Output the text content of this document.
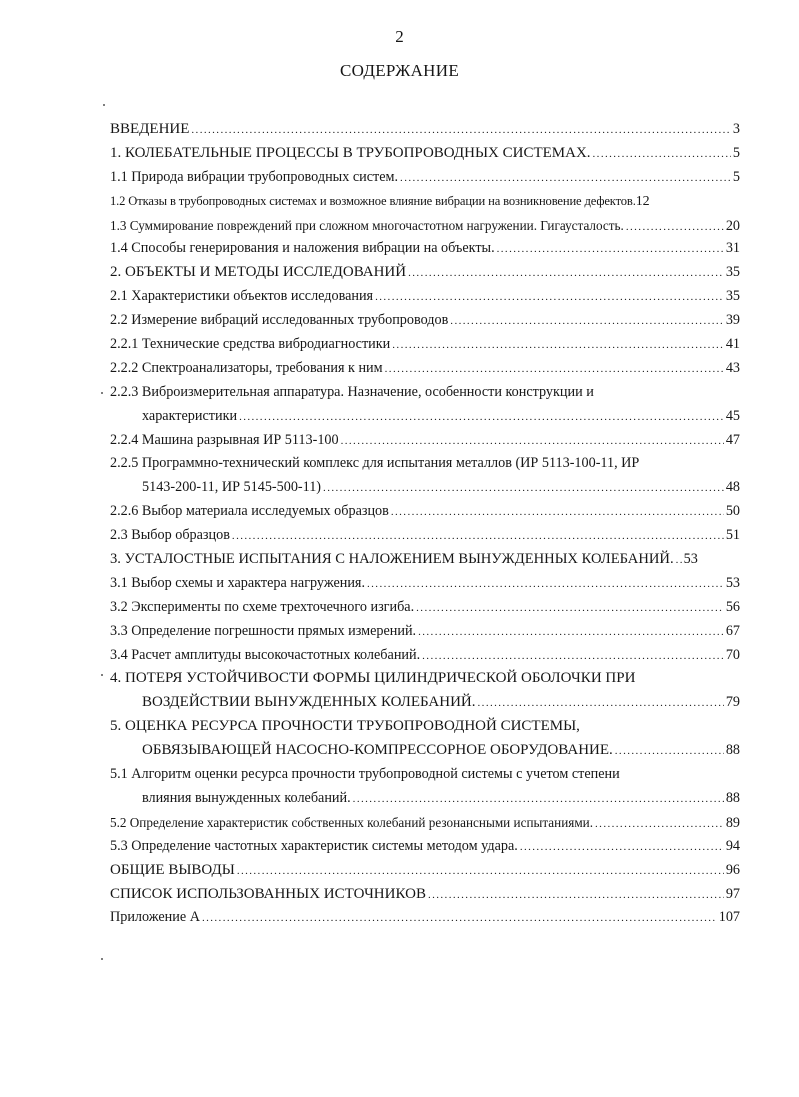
2
СОДЕРЖАНИЕ
ВВЕДЕНИЕ .....	3
1. КОЛЕБАТЕЛЬНЫЕ ПРОЦЕССЫ В ТРУБОПРОВОДНЫХ СИСТЕМАХ. .....	5
1.1 Природа вибрации трубопроводных систем. .....	5
1.2 Отказы в трубопроводных системах и возможное влияние вибрации на возникновение дефектов. 12
1.3 Суммирование повреждений при сложном многочастотном нагружении. Гигаусталость. .....	20
1.4 Способы генерирования и наложения вибрации на объекты. .....	31
2. ОБЪЕКТЫ И МЕТОДЫ ИССЛЕДОВАНИЙ .....	35
2.1 Характеристики объектов исследования .....	35
2.2 Измерение вибраций исследованных трубопроводов .....	39
2.2.1 Технические средства вибродиагностики .....	41
2.2.2 Спектроанализаторы, требования к ним .....	43
2.2.3 Виброизмерительная аппаратура. Назначение, особенности конструкции и
характеристики .....	45
2.2.4 Машина разрывная ИР 5113-100 .....	47
2.2.5 Программно-технический комплекс для испытания металлов (ИР 5113-100-11, ИР
5143-200-11, ИР 5145-500-11) .....	48
2.2.6 Выбор материала исследуемых образцов .....	50
2.3 Выбор образцов .....	51
3. УСТАЛОСТНЫЕ ИСПЫТАНИЯ С НАЛОЖЕНИЕМ ВЫНУЖДЕННЫХ КОЛЕБАНИЙ. ..... 53
3.1 Выбор схемы и характера нагружения. .....	53
3.2 Эксперименты по схеме трехточечного изгиба. .....	56
3.3 Определение погрешности прямых измерений. .....	67
3.4 Расчет амплитуды высокочастотных колебаний. .....	70
4. ПОТЕРЯ УСТОЙЧИВОСТИ ФОРМЫ ЦИЛИНДРИЧЕСКОЙ ОБОЛОЧКИ ПРИ
ВОЗДЕЙСТВИИ ВЫНУЖДЕННЫХ КОЛЕБАНИЙ. .....	79
5. ОЦЕНКА РЕСУРСА ПРОЧНОСТИ ТРУБОПРОВОДНОЙ СИСТЕМЫ,
ОБВЯЗЫВАЮЩЕЙ НАСОСНО-КОМПРЕССОРНОЕ ОБОРУДОВАНИЕ. .....	88
5.1 Алгоритм оценки ресурса прочности трубопроводной системы с учетом степени
влияния вынужденных колебаний. .....	88
5.2 Определение характеристик собственных колебаний резонансными испытаниями. .....	89
5.3 Определение частотных характеристик системы методом удара. .....	94
ОБЩИЕ ВЫВОДЫ .....	96
СПИСОК ИСПОЛЬЗОВАННЫХ ИСТОЧНИКОВ .....	97
Приложение А .....	107
